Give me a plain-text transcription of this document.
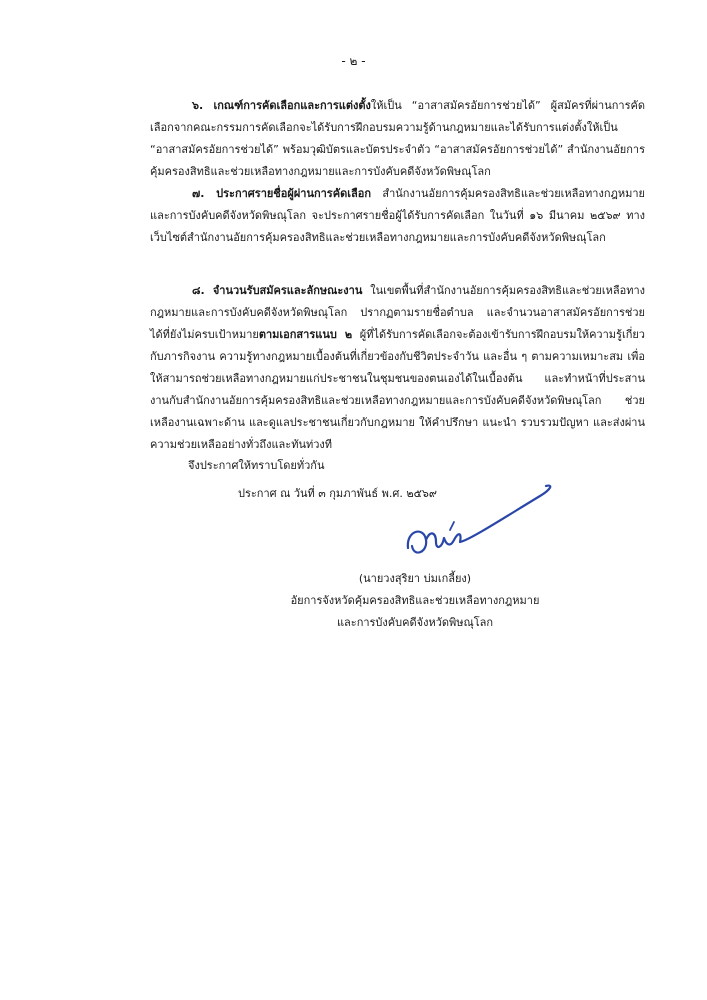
- ๒ -

๖. เกณฑ์การคัดเลือกและการแต่งตั้งให้เป็น “อาสาสมัครอัยการช่วยได้” ผู้สมัครที่ผ่านการคัดเลือกจากคณะกรรมการคัดเลือกจะได้รับการฝึกอบรมความรู้ด้านกฎหมายและได้รับการแต่งตั้งให้เป็น “อาสาสมัครอัยการช่วยได้” พร้อมวุฒิบัตรและบัตรประจำตัว “อาสาสมัครอัยการช่วยได้” สำนักงานอัยการคุ้มครองสิทธิและช่วยเหลือทางกฎหมายและการบังคับคดีจังหวัดพิษณุโลก

๗. ประกาศรายชื่อผู้ผ่านการคัดเลือก สำนักงานอัยการคุ้มครองสิทธิและช่วยเหลือทางกฎหมายและการบังคับคดีจังหวัดพิษณุโลก จะประกาศรายชื่อผู้ได้รับการคัดเลือก ในวันที่ ๑๖ มีนาคม ๒๕๖๙ ทางเว็บไซต์สำนักงานอัยการคุ้มครองสิทธิและช่วยเหลือทางกฎหมายและการบังคับคดีจังหวัดพิษณุโลก

๘. จำนวนรับสมัครและลักษณะงาน ในเขตพื้นที่สำนักงานอัยการคุ้มครองสิทธิและช่วยเหลือทางกฎหมายและการบังคับคดีจังหวัดพิษณุโลก ปรากฏตามรายชื่อตำบล และจำนวนอาสาสมัครอัยการช่วยได้ที่ยังไม่ครบเป้าหมายตามเอกสารแนบ ๒ ผู้ที่ได้รับการคัดเลือกจะต้องเข้ารับการฝึกอบรมให้ความรู้เกี่ยวกับภารกิจงาน ความรู้ทางกฎหมายเบื้องต้นที่เกี่ยวข้องกับชีวิตประจำวัน และอื่น ๆ ตามความเหมาะสม เพื่อให้สามารถช่วยเหลือทางกฎหมายแก่ประชาชนในชุมชนของตนเองได้ในเบื้องต้น และทำหน้าที่ประสานงานกับสำนักงานอัยการคุ้มครองสิทธิและช่วยเหลือทางกฎหมายและการบังคับคดีจังหวัดพิษณุโลก ช่วยเหลืองานเฉพาะด้าน และดูแลประชาชนเกี่ยวกับกฎหมาย ให้คำปรึกษา แนะนำ รวบรวมปัญหา และส่งผ่านความช่วยเหลืออย่างทั่วถึงและทันท่วงที

จึงประกาศให้ทราบโดยทั่วกัน
ประกาศ ณ วันที่ ๓ กุมภาพันธ์ พ.ศ. ๒๕๖๙
(นายวงสุริยา บ่มเกลี้ยง)
อัยการจังหวัดคุ้มครองสิทธิและช่วยเหลือทางกฎหมาย
และการบังคับคดีจังหวัดพิษณุโลก
